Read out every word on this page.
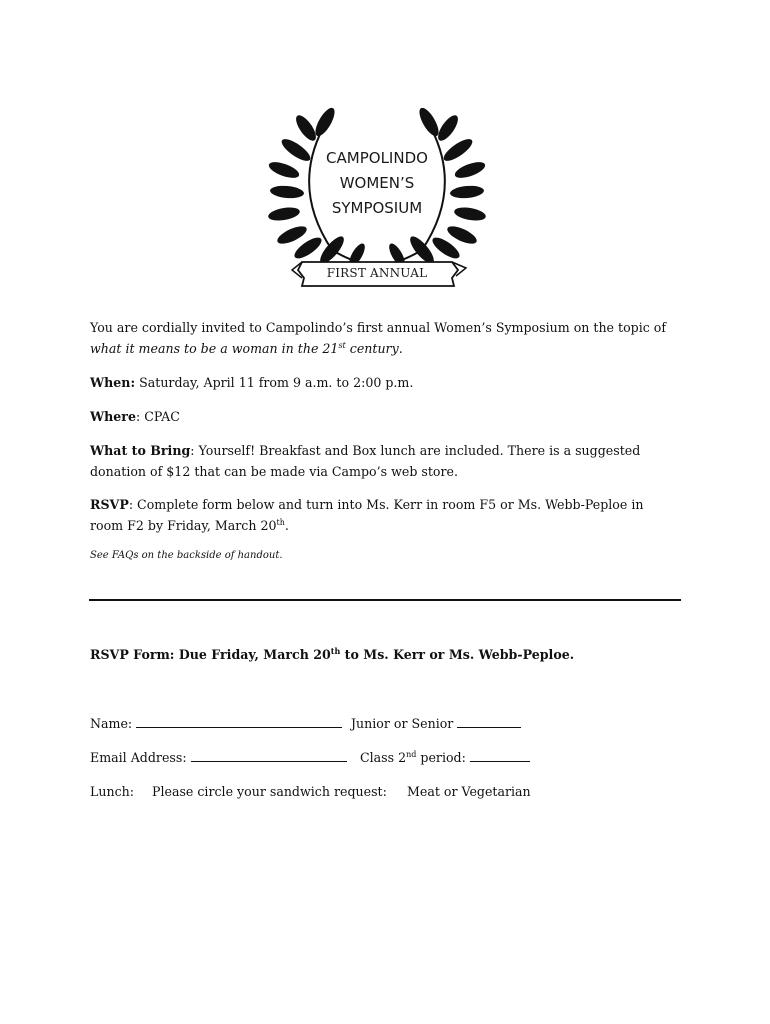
CAMPOLINDO
WOMEN’S
SYMPOSIUM
FIRST ANNUAL
You are cordially invited to Campolindo’s first annual Women’s Symposium on the topic of
what it means to be a woman in the 21st century.
When: Saturday, April 11 from 9 a.m. to 2:00 p.m.
Where: CPAC
What to Bring: Yourself! Breakfast and Box lunch are included. There is a suggested
donation of $12 that can be made via Campo’s web store.
RSVP: Complete form below and turn into Ms. Kerr in room F5 or Ms. Webb-Peploe in
room F2 by Friday, March 20th.
See FAQs on the backside of handout.
RSVP Form: Due Friday, March 20th to Ms. Kerr or Ms. Webb-Peploe.
Name:	Junior or Senior
Email Address:	Class 2nd period:
Lunch: Please circle your sandwich request: Meat or Vegetarian
